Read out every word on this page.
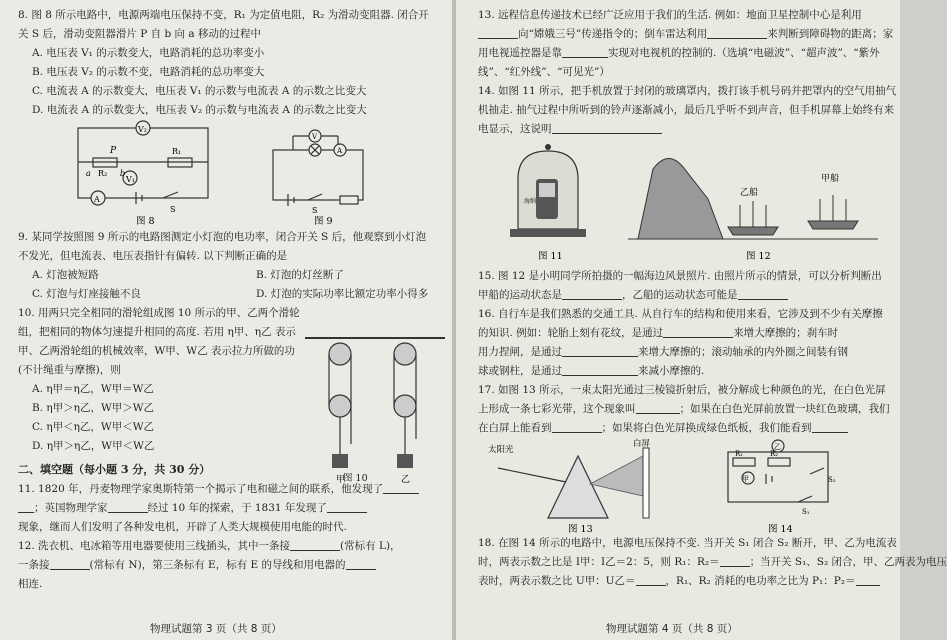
8. 图 8 所示电路中，电源两端电压保持不变，R₁ 为定值电阻，R₂ 为滑动变阻器. 闭合开

关 S 后，滑动变阻器滑片 P 自 b 向 a 移动的过程中

A. 电压表 V₁ 的示数变大，电路消耗的总功率变小

B. 电压表 V₂ 的示数不变，电路消耗的总功率变大

C. 电流表 A 的示数变大，电压表 V₁ 的示数与电流表 A 的示数之比变大

D. 电流表 A 的示数变大，电压表 V₂ 的示数与电流表 A 的示数之比变大

V₂
V₁
A
P
R₂
R₁
a	b
S
图 8
V
A
S
图 9

9. 某同学按照图 9 所示的电路图测定小灯泡的电功率，闭合开关 S 后，他观察到小灯泡

不发光，但电流表、电压表指针有偏转. 以下判断正确的是

A. 灯泡被短路	B. 灯泡的灯丝断了

C. 灯泡与灯座接触不良	D. 灯泡的实际功率比额定功率小得多

10. 用两只完全相同的滑轮组成图 10 所示的甲、乙两个滑轮组，把相同的物体匀速提升相同的高度. 若用 η甲、η乙 表示甲、乙两滑轮组的机械效率，W甲、W乙 表示拉力所做的功(不计绳重与摩擦)，则

A. η甲＝η乙，W甲＝W乙

B. η甲＞η乙，W甲＞W乙

C. η甲＜η乙，W甲＜W乙

D. η甲＞η乙，W甲＜W乙

二、填空题（每小题 3 分，共 30 分）

11. 1820 年，丹麦物理学家奥斯特第一个揭示了电和磁之间的联系，他发现了

；英国物理学家	经过 10 年的探索，于 1831 年发现了

现象，继而人们发明了各种发电机，开辟了人类大规模使用电能的时代.

12. 洗衣机、电冰箱等用电器要使用三线插头，其中一条接	(常标有 L)，

一条接	(常标有 N)，第三条标有 E，标有 E 的导线和用电器的

相连.

甲	乙
图 10
物理试题第 3 页（共 8 页）

13. 远程信息传递技术已经广泛应用于我们的生活. 例如：地面卫星控制中心是利用

向“嫦娥三号”传递指令的；倒车雷达利用	来判断到障碍物的距离；家

用电视遥控器是靠	实现对电视机的控制的.（选填“电磁波”、“超声波”、“紫外

线”、“红外线”、“可见光”）

14. 如图 11 所示，把手机放置于封闭的玻璃罩内，拨打该手机号码并把罩内的空气用抽气

机抽走. 抽气过程中所听到的铃声逐渐减小，最后几乎听不到声音，但手机屏幕上始终有来

电显示，这说明

海纳
图 11
乙船
甲船
图 12

15. 图 12 是小明同学所拍摄的一幅海边风景照片. 由照片所示的情景，可以分析判断出

甲船的运动状态是	，乙船的运动状态可能是

16. 自行车是我们熟悉的交通工具. 从自行车的结构和使用来看，它涉及到不少有关摩擦

的知识. 例如：轮胎上刻有花纹，是通过	来增大摩擦的；刹车时

用力捏闸，是通过	来增大摩擦的；滚动轴承的内外圈之间装有钢

球或钢柱，是通过	来减小摩擦的.

17. 如图 13 所示，一束太阳光通过三棱镜折射后，被分解成七种颜色的光，在白色光屏

上形成一条七彩光带，这个现象叫	；如果在白色光屏前放置一块红色玻璃，我们

在白屏上能看到	；如果将白色光屏换成绿色纸板，我们能看到

太阳光
白屏
图 13
R₁	R₂
甲
乙
S₁
S₂
图 14

18. 在图 14 所示的电路中，电源电压保持不变. 当开关 S₁ 闭合 S₂ 断开，甲、乙为电流表

时，两表示数之比是 I甲：I乙＝2：5，则 R₁：R₂＝	；当开关 S₁、S₂ 闭合，甲、乙两表为电压

表时，两表示数之比 U甲：U乙＝	，R₁、R₂ 消耗的电功率之比为 P₁：P₂＝

物理试题第 4 页（共 8 页）
